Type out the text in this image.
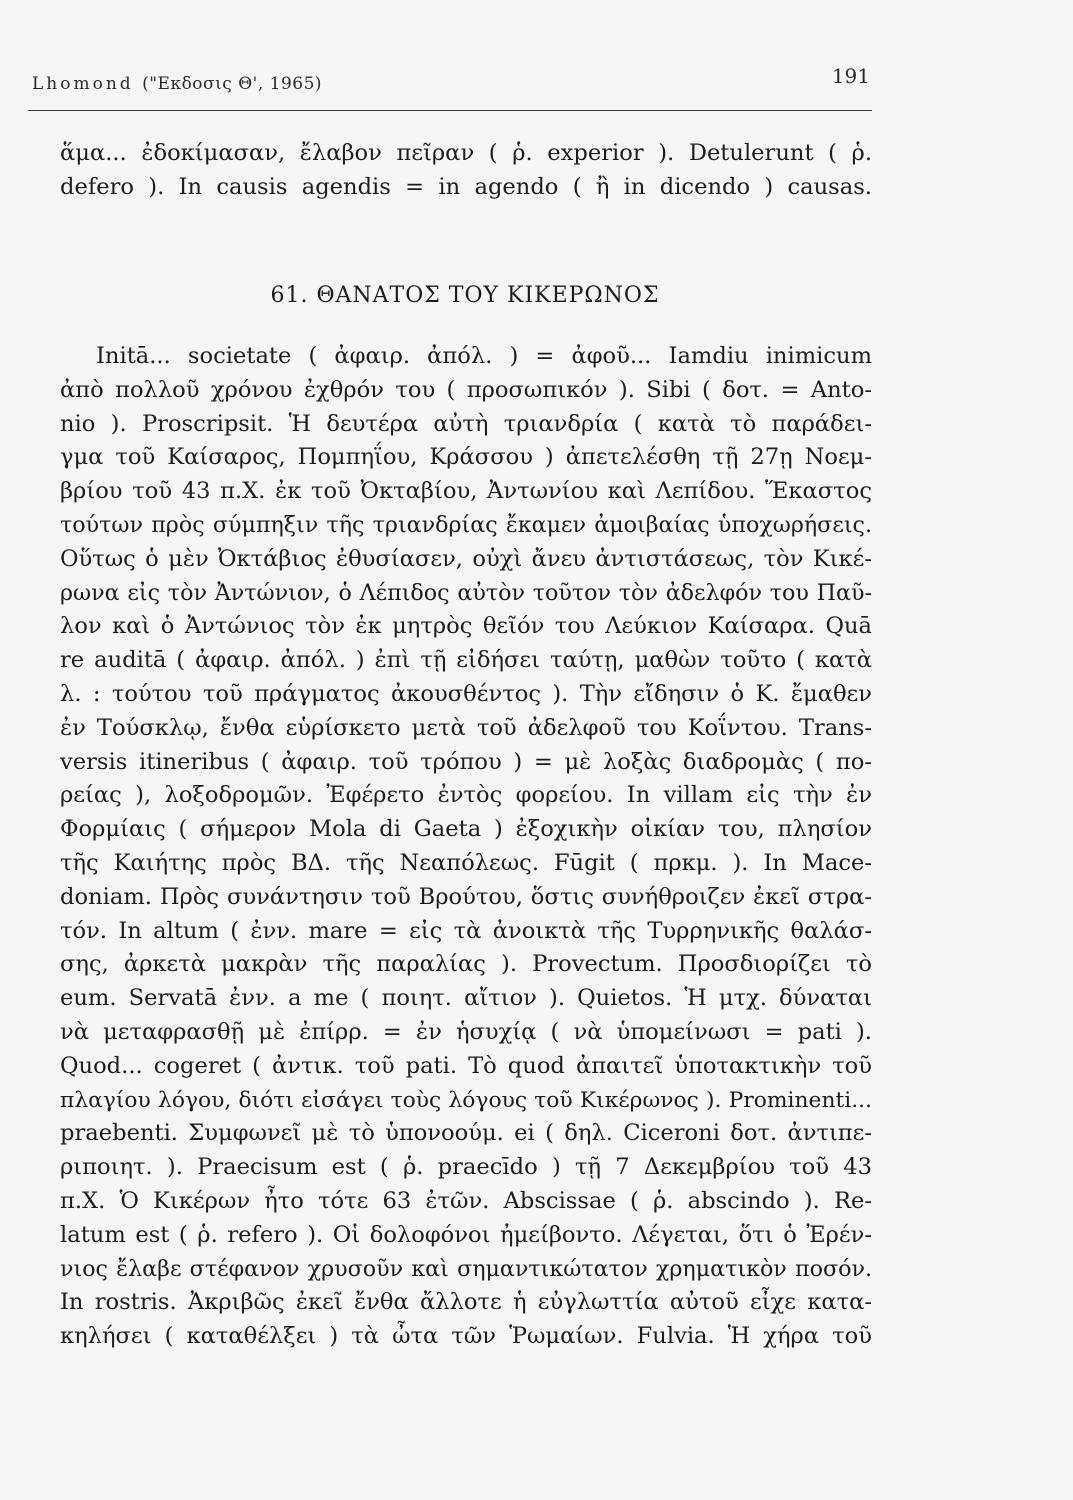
Lhomond ("Εκδοσις Θ', 1965)	191
ἅμα... ἐδοκίμασαν, ἔλαβον πεῖραν ( ῥ. experior ). Detulerunt ( ῥ.
defero ). In causis agendis = in agendo ( ἢ in dicendo ) causas.
61. ΘΑΝΑΤΟΣ ΤΟΥ ΚΙΚΕΡΩΝΟΣ
Initā... societate ( ἀφαιρ. ἀπόλ. ) = ἀφοῦ... Iamdiu inimicum
ἀπὸ πολλοῦ χρόνου ἐχθρόν του ( προσωπικόν ). Sibi ( δοτ. = Anto-
nio ). Proscripsit. Ἡ δευτέρα αὐτὴ τριανδρία ( κατὰ τὸ παράδει-
γμα τοῦ Καίσαρος, Πομπηΐου, Κράσσου ) ἀπετελέσθη τῇ 27ῃ Νοεμ-
βρίου τοῦ 43 π.Χ. ἐκ τοῦ Ὀκταβίου, Ἀντωνίου καὶ Λεπίδου. Ἕκαστος
τούτων πρὸς σύμπηξιν τῆς τριανδρίας ἔκαμεν ἀμοιβαίας ὑποχωρήσεις.
Οὕτως ὁ μὲν Ὀκτάβιος ἐθυσίασεν, οὐχὶ ἄνευ ἀντιστάσεως, τὸν Κικέ-
ρωνα εἰς τὸν Ἀντώνιον, ὁ Λέπιδος αὐτὸν τοῦτον τὸν ἀδελφόν του Παῦ-
λον καὶ ὁ Ἀντώνιος τὸν ἐκ μητρὸς θεῖόν του Λεύκιον Καίσαρα. Quā
re auditā ( ἀφαιρ. ἀπόλ. ) ἐπὶ τῇ εἰδήσει ταύτῃ, μαθὼν τοῦτο ( κατὰ
λ. : τούτου τοῦ πράγματος ἀκουσθέντος ). Τὴν εἴδησιν ὁ Κ. ἔμαθεν
ἐν Τούσκλῳ, ἔνθα εὑρίσκετο μετὰ τοῦ ἀδελφοῦ του Κοΐντου. Trans-
versis itineribus ( ἀφαιρ. τοῦ τρόπου ) = μὲ λοξὰς διαδρομὰς ( πο-
ρείας ), λοξοδρομῶν. Ἐφέρετο ἐντὸς φορείου. In villam εἰς τὴν ἐν
Φορμίαις ( σήμερον Mola di Gaeta ) ἐξοχικὴν οἰκίαν του, πλησίον
τῆς Καιήτης πρὸς ΒΔ. τῆς Νεαπόλεως. Fūgit ( πρκμ. ). In Mace-
doniam. Πρὸς συνάντησιν τοῦ Βρούτου, ὅστις συνήθροιζεν ἐκεῖ στρα-
τόν. In altum ( ἐνν. mare = εἰς τὰ ἀνοικτὰ τῆς Τυρρηνικῆς θαλάσ-
σης, ἀρκετὰ μακρὰν τῆς παραλίας ). Provectum. Προσδιορίζει τὸ
eum. Servatā ἐνν. a me ( ποιητ. αἴτιον ). Quietos. Ἡ μτχ. δύναται
νὰ μεταφρασθῇ μὲ ἐπίρρ. = ἐν ἡσυχίᾳ ( νὰ ὑπομείνωσι = pati ).
Quod... cogeret ( ἀντικ. τοῦ pati. Τὸ quod ἀπαιτεῖ ὑποτακτικὴν τοῦ
πλαγίου λόγου, διότι εἰσάγει τοὺς λόγους τοῦ Κικέρωνος ). Prominenti...
praebenti. Συμφωνεῖ μὲ τὸ ὑπονοούμ. ei ( δηλ. Ciceroni δοτ. ἀντιπε-
ριποιητ. ). Praecisum est ( ῥ. praecīdo ) τῇ 7 Δεκεμβρίου τοῦ 43
π.Χ. Ὁ Κικέρων ἦτο τότε 63 ἐτῶν. Abscissae ( ῥ. abscindo ). Re-
latum est ( ῥ. refero ). Οἱ δολοφόνοι ἠμείβοντο. Λέγεται, ὅτι ὁ Ἐρέν-
νιος ἔλαβε στέφανον χρυσοῦν καὶ σημαντικώτατον χρηματικὸν ποσόν.
In rostris. Ἀκριβῶς ἐκεῖ ἔνθα ἄλλοτε ἡ εὐγλωττία αὐτοῦ εἶχε κατα-
κηλήσει ( καταθέλξει ) τὰ ὦτα τῶν Ῥωμαίων. Fulvia. Ἡ χήρα τοῦ
